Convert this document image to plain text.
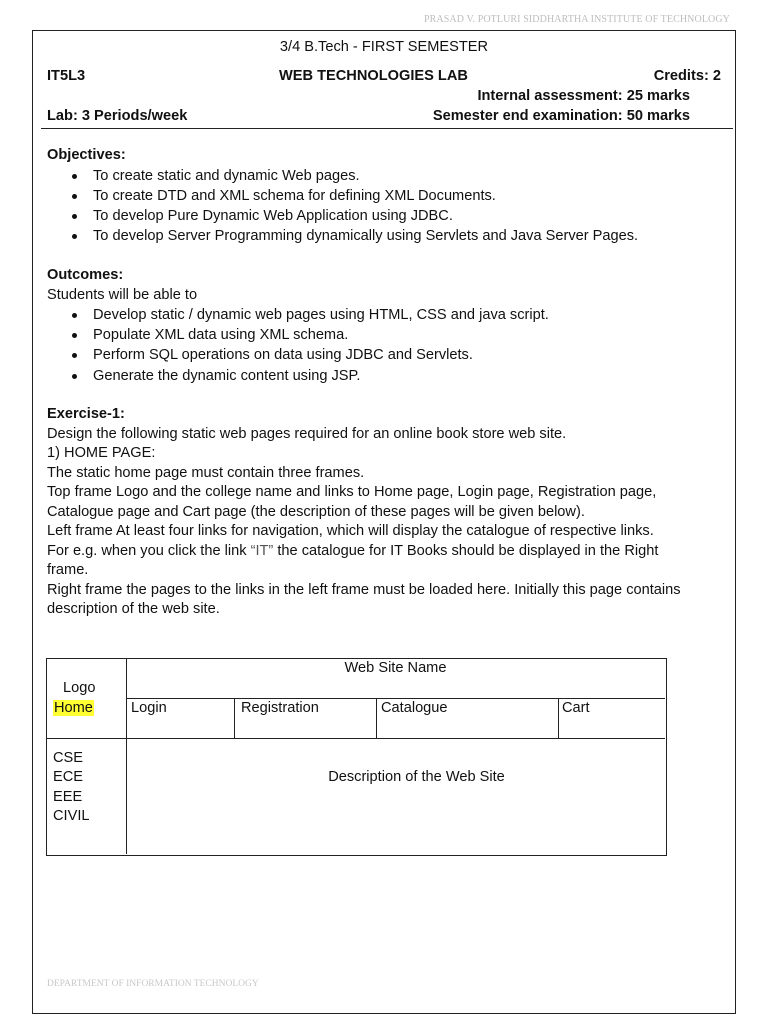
PRASAD V. POTLURI SIDDHARTHA INSTITUTE OF TECHNOLOGY
3/4 B.Tech - FIRST SEMESTER
IT5L3	WEB TECHNOLOGIES LAB	Credits: 2
Internal assessment: 25 marks
Lab: 3 Periods/week	Semester end examination: 50 marks
Objectives:
To create static and dynamic Web pages.
To create DTD and XML schema for defining XML Documents.
To develop Pure Dynamic Web Application using JDBC.
To develop Server Programming dynamically using Servlets and Java Server Pages.
Outcomes:
Students will be able to
Develop static / dynamic web pages using HTML, CSS and java script.
Populate XML data using XML schema.
Perform SQL operations on data using JDBC and Servlets.
Generate the dynamic content using JSP.
Exercise-1:
Design the following static web pages required for an online book store web site.
1) HOME PAGE:
The static home page must contain three frames.
Top frame Logo and the college name and links to Home page, Login page, Registration page,
Catalogue page and Cart page (the description of these pages will be given below).
Left frame At least four links for navigation, which will display the catalogue of respective links.
For e.g. when you click the link “IT” the catalogue for IT Books should be displayed in the Right
frame.
Right frame the pages to the links in the left frame must be loaded here. Initially this page contains
description of the web site.
Logo
Web Site Name
Home	Login	Registration	Catalogue	Cart
CSE
ECE
EEE
CIVIL
Description of the Web Site
DEPARTMENT OF INFORMATION TECHNOLOGY
